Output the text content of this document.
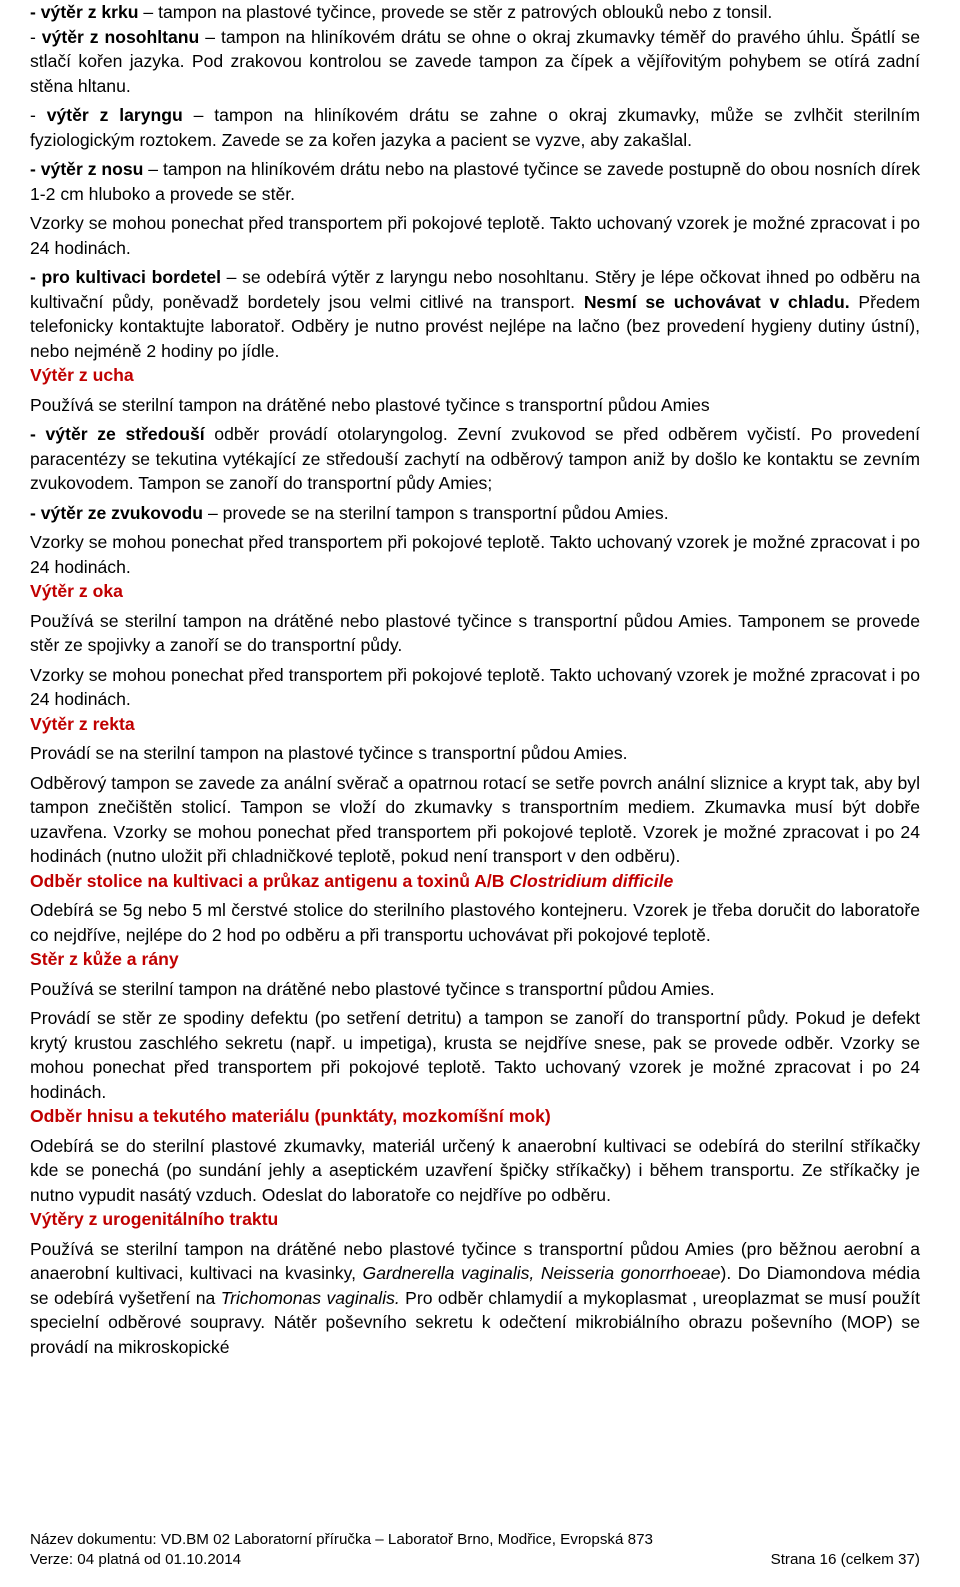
- výtěr z krku – tampon na plastové tyčince, provede se stěr z patrových oblouků nebo z tonsil.

- výtěr z nosohltanu – tampon na hliníkovém drátu se ohne o okraj zkumavky téměř do pravého úhlu. Špátlí se stlačí kořen jazyka. Pod zrakovou kontrolou se zavede tampon za čípek a vějířovitým pohybem se otírá zadní stěna hltanu.

- výtěr z laryngu – tampon na hliníkovém drátu se zahne o okraj zkumavky, může se zvlhčit sterilním fyziologickým roztokem. Zavede se za kořen jazyka a pacient se vyzve, aby zakašlal.

- výtěr z nosu – tampon na hliníkovém drátu nebo na plastové tyčince se zavede postupně do obou nosních dírek 1-2 cm hluboko a provede se stěr.

Vzorky se mohou ponechat před transportem při pokojové teplotě. Takto uchovaný vzorek je možné zpracovat i po 24 hodinách.

- pro kultivaci bordetel – se odebírá výtěr z laryngu nebo nosohltanu. Stěry je lépe očkovat ihned po odběru na kultivační půdy, poněvadž bordetely jsou velmi citlivé na transport. Nesmí se uchovávat v chladu. Předem telefonicky kontaktujte laboratoř. Odběry je nutno provést nejlépe na lačno (bez provedení hygieny dutiny ústní), nebo nejméně 2 hodiny po jídle.

Výtěr z ucha

Používá se sterilní tampon na drátěné nebo plastové tyčince s transportní půdou Amies

- výtěr ze středouší odběr provádí otolaryngolog. Zevní zvukovod se před odběrem vyčistí. Po provedení paracentézy se tekutina vytékající ze středouší zachytí na odběrový tampon aniž by došlo ke kontaktu se zevním zvukovodem. Tampon se zanoří do transportní půdy Amies;

- výtěr ze zvukovodu – provede se na sterilní tampon s transportní půdou Amies.

Vzorky se mohou ponechat před transportem při pokojové teplotě. Takto uchovaný vzorek je možné zpracovat i po 24 hodinách.

Výtěr z oka

Používá se sterilní tampon na drátěné nebo plastové tyčince s transportní půdou Amies. Tamponem se provede stěr ze spojivky a zanoří se do transportní půdy.

Vzorky se mohou ponechat před transportem při pokojové teplotě. Takto uchovaný vzorek je možné zpracovat i po 24 hodinách.

Výtěr z rekta

Provádí se na sterilní tampon na plastové tyčince s transportní půdou Amies.

Odběrový tampon se zavede za anální svěrač a opatrnou rotací se setře povrch anální sliznice a krypt tak, aby byl tampon znečištěn stolicí. Tampon se vloží do zkumavky s transportním mediem. Zkumavka musí být dobře uzavřena. Vzorky se mohou ponechat před transportem při pokojové teplotě. Vzorek je možné zpracovat i po 24 hodinách (nutno uložit při chladničkové teplotě, pokud není transport v den odběru).

Odběr stolice na kultivaci a průkaz antigenu a toxinů A/B Clostridium difficile

Odebírá se 5g nebo 5 ml čerstvé stolice do sterilního plastového kontejneru. Vzorek je třeba doručit do laboratoře co nejdříve, nejlépe do 2 hod po odběru a při transportu uchovávat při pokojové teplotě.

Stěr z kůže a rány

Používá se sterilní tampon na drátěné nebo plastové tyčince s transportní půdou Amies.

Provádí se stěr ze spodiny defektu (po setření detritu) a tampon se zanoří do transportní půdy. Pokud je defekt krytý krustou zaschlého sekretu (např. u impetiga), krusta se nejdříve snese, pak se provede odběr. Vzorky se mohou ponechat před transportem při pokojové teplotě. Takto uchovaný vzorek je možné zpracovat i po 24 hodinách.

Odběr hnisu a tekutého materiálu (punktáty, mozkomíšní mok)

Odebírá se do sterilní plastové zkumavky, materiál určený k anaerobní kultivaci se odebírá do sterilní stříkačky kde se ponechá (po sundání jehly a aseptickém uzavření špičky stříkačky) i během transportu. Ze stříkačky je nutno vypudit nasátý vzduch. Odeslat do laboratoře co nejdříve po odběru.

Výtěry z urogenitálního traktu

Používá se sterilní tampon na drátěné nebo plastové tyčince s transportní půdou Amies (pro běžnou aerobní a anaerobní kultivaci, kultivaci na kvasinky, Gardnerella vaginalis, Neisseria gonorrhoeae). Do Diamondova média se odebírá vyšetření na Trichomonas vaginalis. Pro odběr chlamydií a mykoplasmat , ureoplazmat se musí použít specielní odběrové soupravy. Nátěr poševního sekretu k odečtení mikrobiálního obrazu poševního (MOP) se provádí na mikroskopické

Název dokumentu: VD.BM 02 Laboratorní příručka – Laboratoř Brno, Modřice, Evropská 873
Verze: 04 platná od 01.10.2014	Strana 16 (celkem 37)
